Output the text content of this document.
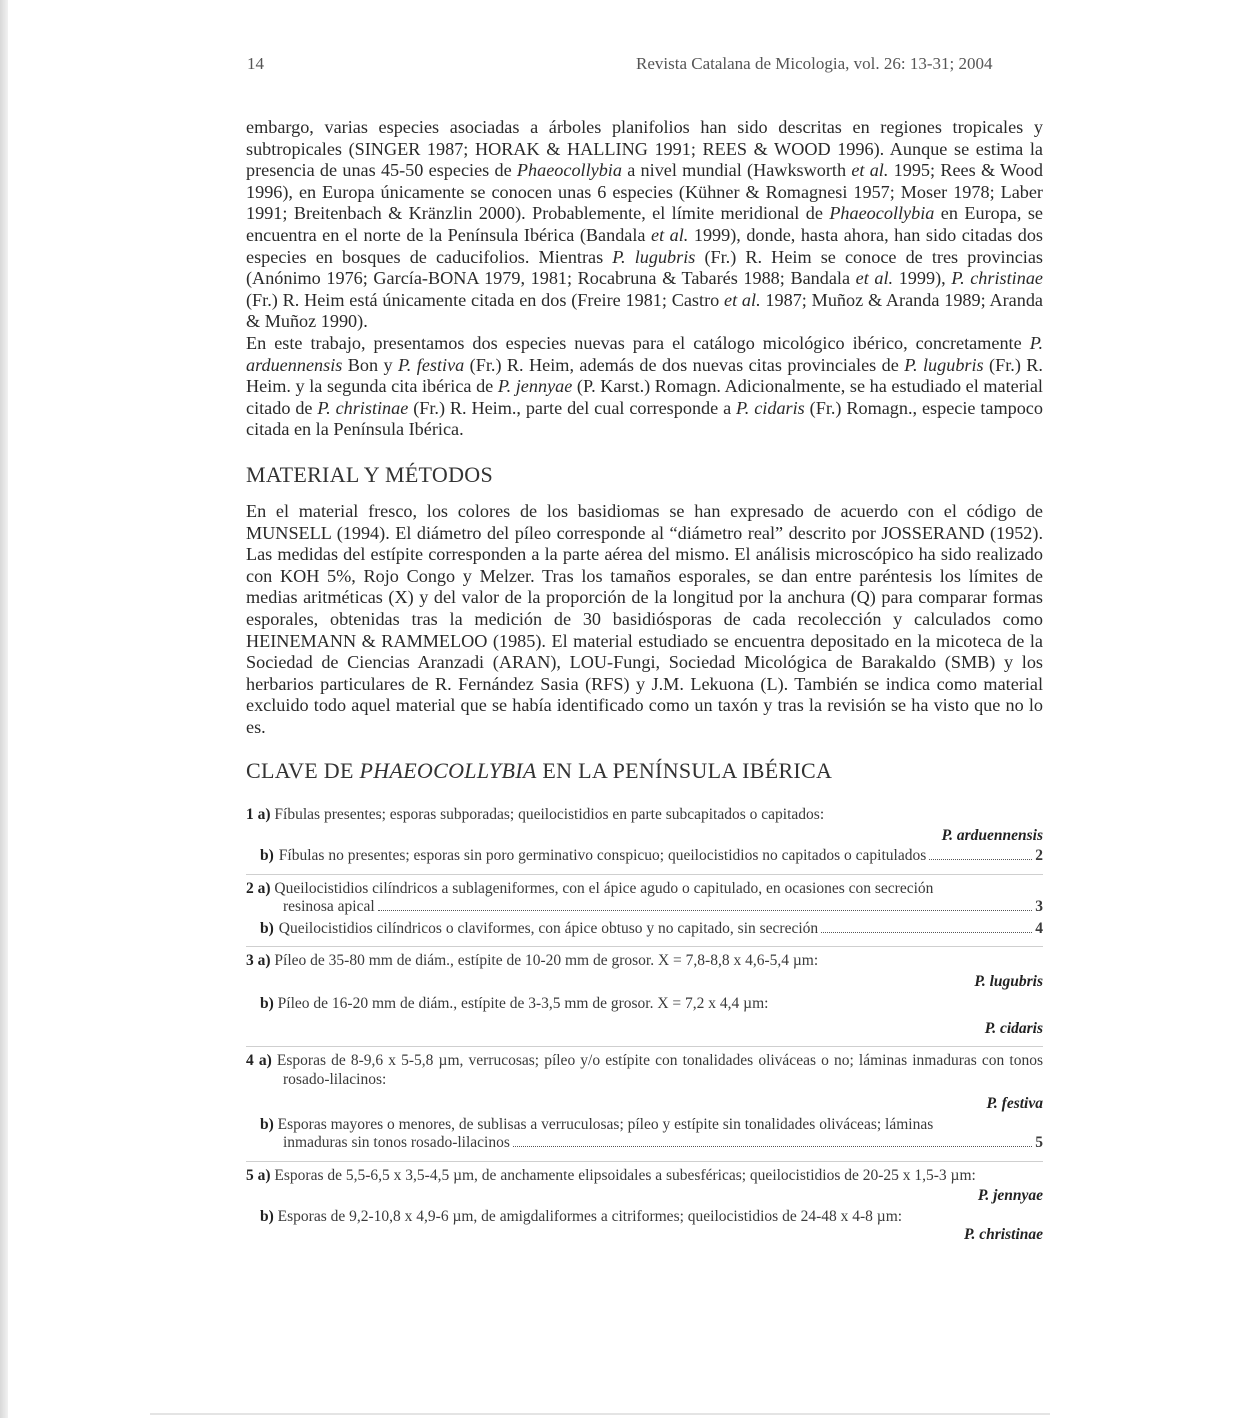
14	Revista Catalana de Micologia, vol. 26: 13-31; 2004

embargo, varias especies asociadas a árboles planifolios han sido descritas en regiones tropicales y subtropicales (SINGER 1987; HORAK & HALLING 1991; REES & WOOD 1996). Aunque se estima la presencia de unas 45-50 especies de Phaeocollybia a nivel mundial (Hawksworth et al. 1995; Rees & Wood 1996), en Europa únicamente se conocen unas 6 especies (Kühner & Romagnesi 1957; Moser 1978; Laber 1991; Breitenbach & Kränzlin 2000). Probablemente, el límite meridional de Phaeocollybia en Europa, se encuentra en el norte de la Península Ibérica (Bandala et al. 1999), donde, hasta ahora, han sido citadas dos especies en bosques de caducifolios. Mientras P. lugubris (Fr.) R. Heim se conoce de tres provincias (Anónimo 1976; García-BONA 1979, 1981; Rocabruna & Tabarés 1988; Bandala et al. 1999), P. christinae (Fr.) R. Heim está únicamente citada en dos (Freire 1981; Castro et al. 1987; Muñoz & Aranda 1989; Aranda & Muñoz 1990).

En este trabajo, presentamos dos especies nuevas para el catálogo micológico ibérico, concretamente P. arduennensis Bon y P. festiva (Fr.) R. Heim, además de dos nuevas citas provinciales de P. lugubris (Fr.) R. Heim. y la segunda cita ibérica de P. jennyae (P. Karst.) Romagn. Adicionalmente, se ha estudiado el material citado de P. christinae (Fr.) R. Heim., parte del cual corresponde a P. cidaris (Fr.) Romagn., especie tampoco citada en la Península Ibérica.

MATERIAL Y MÉTODOS

En el material fresco, los colores de los basidiomas se han expresado de acuerdo con el código de MUNSELL (1994). El diámetro del píleo corresponde al “diámetro real” descrito por JOSSERAND (1952). Las medidas del estípite corresponden a la parte aérea del mismo. El análisis microscópico ha sido realizado con KOH 5%, Rojo Congo y Melzer. Tras los tamaños esporales, se dan entre paréntesis los límites de medias aritméticas (X) y del valor de la proporción de la longitud por la anchura (Q) para comparar formas esporales, obtenidas tras la medición de 30 basidiósporas de cada recolección y calculados como HEINEMANN & RAMMELOO (1985). El material estudiado se encuentra depositado en la micoteca de la Sociedad de Ciencias Aranzadi (ARAN), LOU-Fungi, Sociedad Micológica de Barakaldo (SMB) y los herbarios particulares de R. Fernández Sasia (RFS) y J.M. Lekuona (L). También se indica como material excluido todo aquel material que se había identificado como un taxón y tras la revisión se ha visto que no lo es.

CLAVE DE PHAEOCOLLYBIA EN LA PENÍNSULA IBÉRICA

1 a) Fíbulas presentes; esporas subporadas; queilocistidios en parte subcapitados o capitados:

P. arduennensis

b) Fíbulas no presentes; esporas sin poro germinativo conspicuo; queilocistidios no capitados o capitulados	2

2 a) Queilocistidios cilíndricos a sublageniformes, con el ápice agudo o capitulado, en ocasiones con secreción

resinosa apical	3
b) Queilocistidios cilíndricos o claviformes, con ápice obtuso y no capitado, sin secreción	4

3 a) Píleo de 35-80 mm de diám., estípite de 10-20 mm de grosor. X = 7,8-8,8 x 4,6-5,4 µm:

P. lugubris

b) Píleo de 16-20 mm de diám., estípite de 3-3,5 mm de grosor. X = 7,2 x 4,4 µm:

P. cidaris

4 a) Esporas de 8-9,6 x 5-5,8 µm, verrucosas; píleo y/o estípite con tonalidades oliváceas o no; láminas inmaduras con tonos rosado-lilacinos:

P. festiva

b) Esporas mayores o menores, de sublisas a verruculosas; píleo y estípite sin tonalidades oliváceas; láminas

inmaduras sin tonos rosado-lilacinos	5

5 a) Esporas de 5,5-6,5 x 3,5-4,5 µm, de anchamente elipsoidales a subesféricas; queilocistidios de 20-25 x 1,5-3 µm:

P. jennyae

b) Esporas de 9,2-10,8 x 4,9-6 µm, de amigdaliformes a citriformes; queilocistidios de 24-48 x 4-8 µm:

P. christinae
